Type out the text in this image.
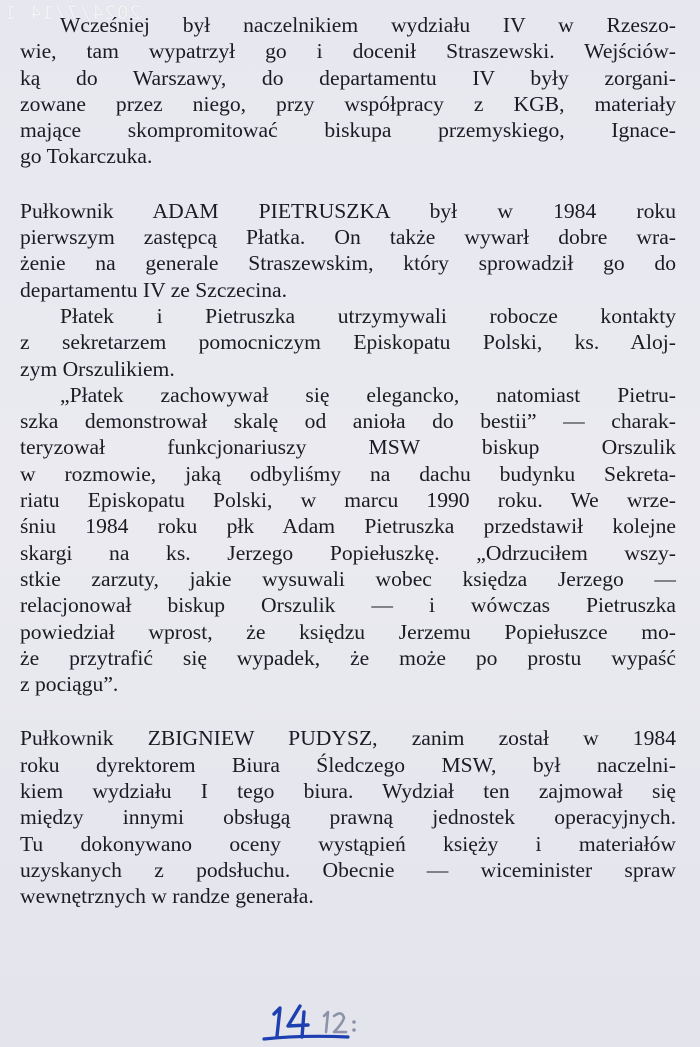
2024/7/14 1
Wcześniej był naczelnikiem wydziału IV w Rzeszo-
wie, tam wypatrzył go i docenił Straszewski. Wejściów-
ką do Warszawy, do departamentu IV były zorgani-
zowane przez niego, przy współpracy z KGB, materiały
mające skompromitować biskupa przemyskiego, Ignace-
go Tokarczuka.
Pułkownik ADAM PIETRUSZKA był w 1984 roku
pierwszym zastępcą Płatka. On także wywarł dobre wra-
żenie na generale Straszewskim, który sprowadził go do
departamentu IV ze Szczecina.
Płatek i Pietruszka utrzymywali robocze kontakty
z sekretarzem pomocniczym Episkopatu Polski, ks. Aloj-
zym Orszulikiem.
„Płatek zachowywał się elegancko, natomiast Pietru-
szka demonstrował skalę od anioła do bestii” — charak-
teryzował funkcjonariuszy MSW biskup Orszulik
w rozmowie, jaką odbyliśmy na dachu budynku Sekreta-
riatu Episkopatu Polski, w marcu 1990 roku. We wrze-
śniu 1984 roku płk Adam Pietruszka przedstawił kolejne
skargi na ks. Jerzego Popiełuszkę. „Odrzuciłem wszy-
stkie zarzuty, jakie wysuwali wobec księdza Jerzego —
relacjonował biskup Orszulik — i wówczas Pietruszka
powiedział wprost, że księdzu Jerzemu Popiełuszce mo-
że przytrafić się wypadek, że może po prostu wypaść
z pociągu”.
Pułkownik ZBIGNIEW PUDYSZ, zanim został w 1984
roku dyrektorem Biura Śledczego MSW, był naczelni-
kiem wydziału I tego biura. Wydział ten zajmował się
między innymi obsługą prawną jednostek operacyjnych.
Tu dokonywano oceny wystąpień księży i materiałów
uzyskanych z podsłuchu. Obecnie — wiceminister spraw
wewnętrznych w randze generała.
